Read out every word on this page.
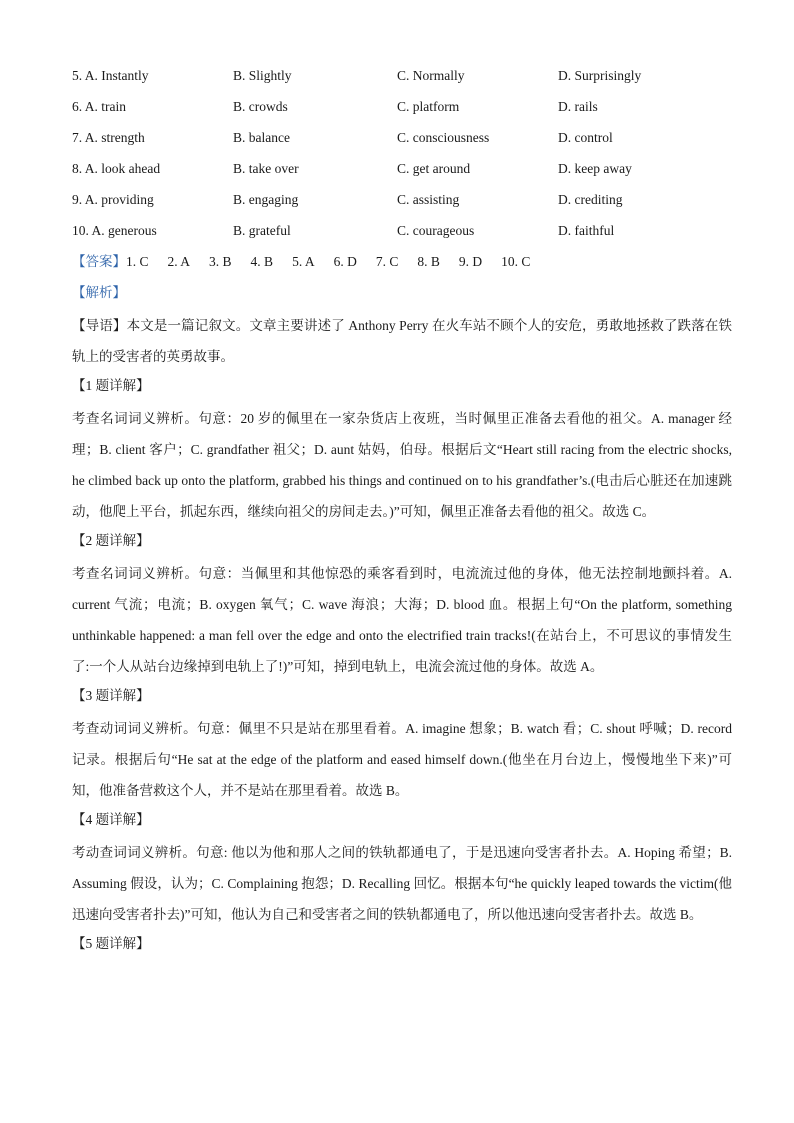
5. A. Instantly	B. Slightly	C. Normally	D. Surprisingly
6. A. train	B. crowds	C. platform	D. rails
7. A. strength	B. balance	C. consciousness	D. control
8. A. look ahead	B. take over	C. get around	D. keep away
9. A. providing	B. engaging	C. assisting	D. crediting
10. A. generous	B. grateful	C. courageous	D. faithful
【答案】1. C 2. A 3. B 4. B 5. A 6. D 7. C 8. B 9. D 10. C
【解析】
【导语】本文是一篇记叙文。文章主要讲述了 Anthony Perry 在火车站不顾个人的安危，勇敢地拯救了跌落在铁轨上的受害者的英勇故事。
【1 题详解】
考查名词词义辨析。句意：20 岁的佩里在一家杂货店上夜班，当时佩里正准备去看他的祖父。A. manager 经理；B. client 客户；C. grandfather 祖父；D. aunt 姑妈，伯母。根据后文“Heart still racing from the electric shocks, he climbed back up onto the platform, grabbed his things and continued on to his grandfather’s.(电击后心脏还在加速跳动，他爬上平台，抓起东西，继续向祖父的房间走去。)”可知，佩里正准备去看他的祖父。故选 C。
【2 题详解】
考查名词词义辨析。句意：当佩里和其他惊恐的乘客看到时，电流流过他的身体，他无法控制地颤抖着。A. current 气流；电流；B. oxygen 氧气；C. wave 海浪；大海；D. blood 血。根据上句“On the platform, something unthinkable happened: a man fell over the edge and onto the electrified train tracks!(在站台上，不可思议的事情发生了:一个人从站台边缘掉到电轨上了!)”可知，掉到电轨上，电流会流过他的身体。故选 A。
【3 题详解】
考查动词词义辨析。句意：佩里不只是站在那里看着。A. imagine 想象；B. watch 看；C. shout 呼喊；D. record 记录。根据后句“He sat at the edge of the platform and eased himself down.(他坐在月台边上，慢慢地坐下来)”可知，他准备营救这个人，并不是站在那里看着。故选 B。
【4 题详解】
考动查词词义辨析。句意: 他以为他和那人之间的铁轨都通电了，于是迅速向受害者扑去。A. Hoping 希望；B. Assuming 假设，认为；C. Complaining 抱怨；D. Recalling 回忆。根据本句“he quickly leaped towards the victim(他迅速向受害者扑去)”可知，他认为自己和受害者之间的铁轨都通电了，所以他迅速向受害者扑去。故选 B。
【5 题详解】
